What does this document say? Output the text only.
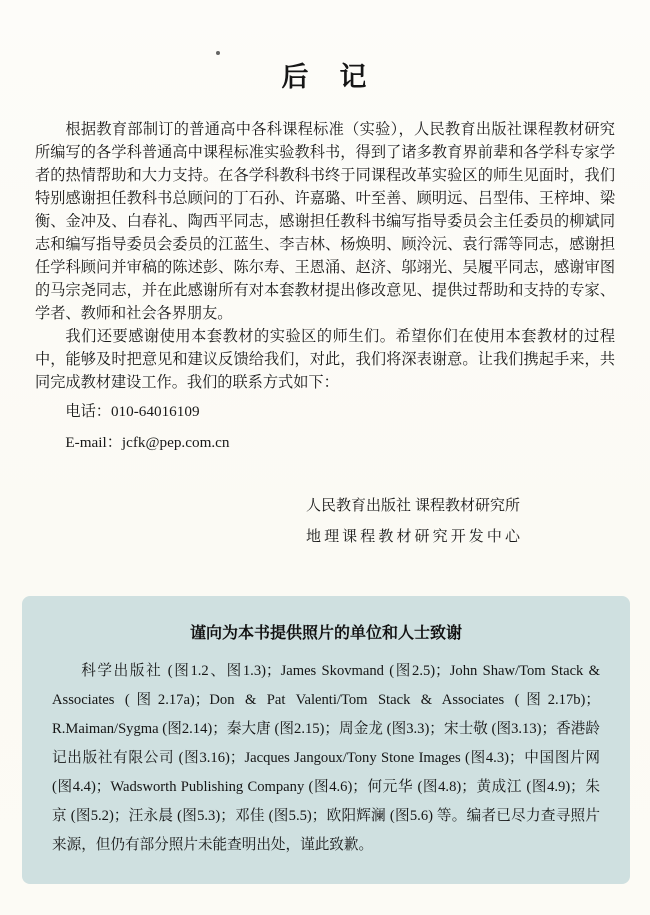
后　记

根据教育部制订的普通高中各科课程标准（实验），人民教育出版社课程教材研究所编写的各学科普通高中课程标准实验教科书，得到了诸多教育界前辈和各学科专家学者的热情帮助和大力支持。在各学科教科书终于同课程改革实验区的师生见面时，我们特别感谢担任教科书总顾问的丁石孙、许嘉璐、叶至善、顾明远、吕型伟、王梓坤、梁衡、金冲及、白春礼、陶西平同志，感谢担任教科书编写指导委员会主任委员的柳斌同志和编写指导委员会委员的江蓝生、李吉林、杨焕明、顾泠沅、袁行霈等同志，感谢担任学科顾问并审稿的陈述彭、陈尔寿、王恩涌、赵济、邬翊光、吴履平同志，感谢审图的马宗尧同志，并在此感谢所有对本套教材提出修改意见、提供过帮助和支持的专家、学者、教师和社会各界朋友。

我们还要感谢使用本套教材的实验区的师生们。希望你们在使用本套教材的过程中，能够及时把意见和建议反馈给我们，对此，我们将深表谢意。让我们携起手来，共同完成教材建设工作。我们的联系方式如下：

电话：010-64016109
E-mail：jcfk@pep.com.cn
人民教育出版社 课程教材研究所
地理课程教材研究开发中心
谨向为本书提供照片的单位和人士致谢

科学出版社 (图1.2、图1.3)；James Skovmand (图2.5)；John Shaw/Tom Stack & Associates (图2.17a)；Don & Pat Valenti/Tom Stack & Associates (图2.17b)；R.Maiman/Sygma (图2.14)；秦大唐 (图2.15)；周金龙 (图3.3)；宋士敬 (图3.13)；香港龄记出版社有限公司 (图3.16)；Jacques Jangoux/Tony Stone Images (图4.3)；中国图片网 (图4.4)；Wadsworth Publishing Company (图4.6)；何元华 (图4.8)；黄成江 (图4.9)；朱京 (图5.2)；汪永晨 (图5.3)；邓佳 (图5.5)；欧阳辉澜 (图5.6) 等。编者已尽力查寻照片来源，但仍有部分照片未能查明出处，谨此致歉。
